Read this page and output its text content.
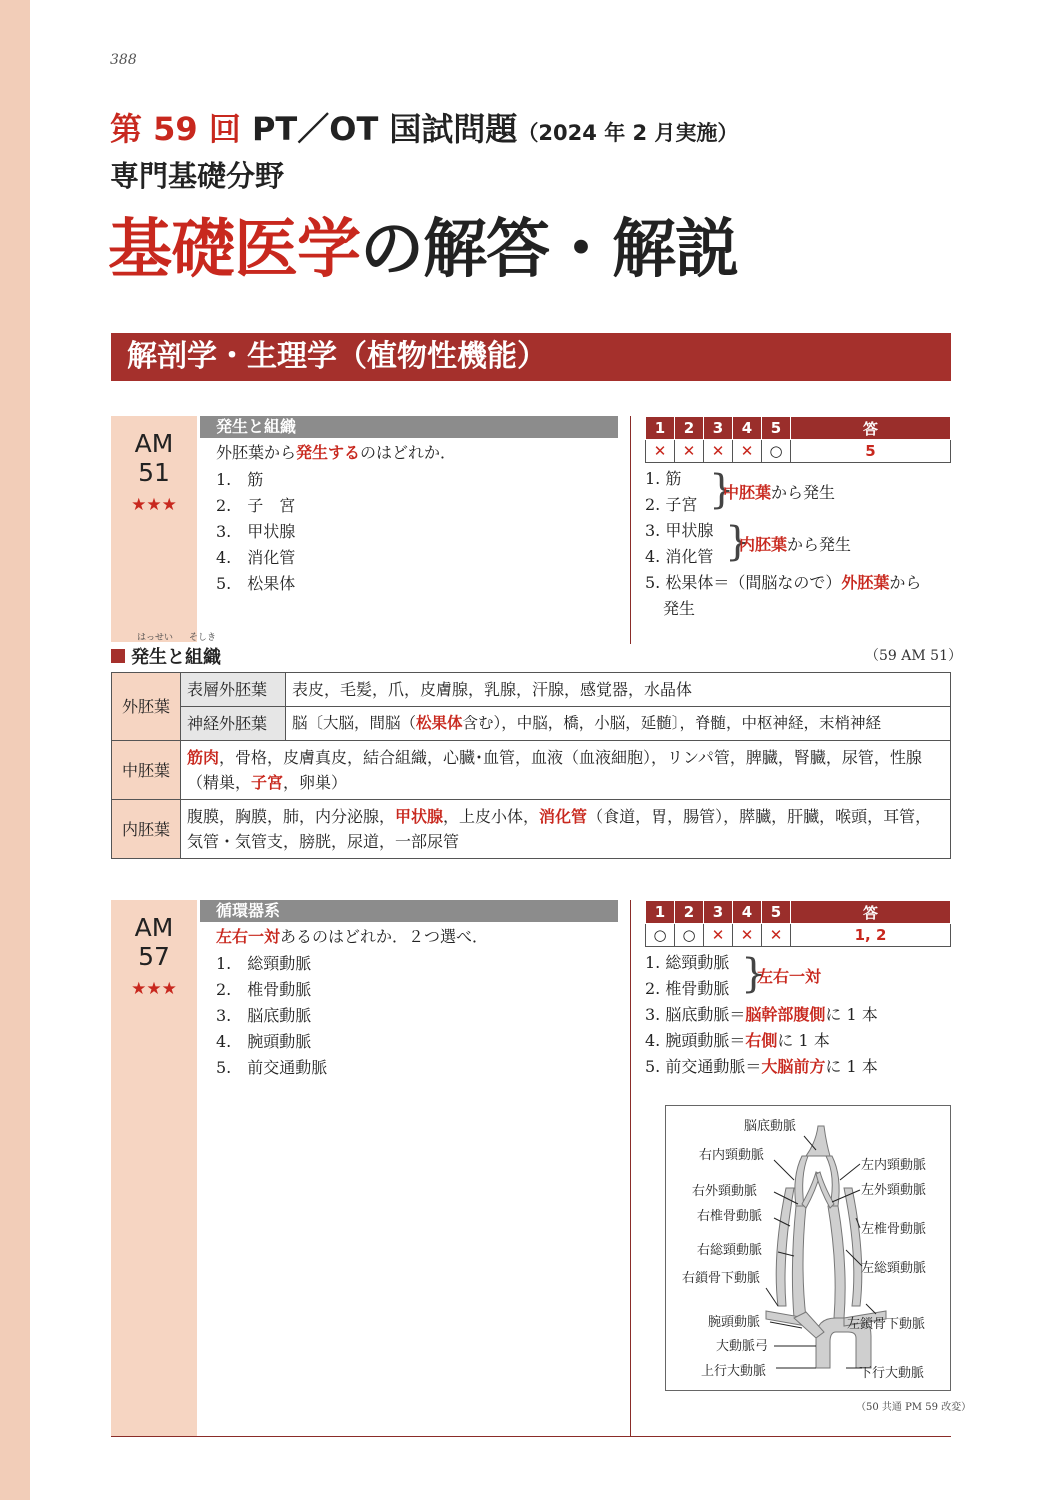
388
第 59 回 PT／OT 国試問題（2024 年 2 月実施）
専門基礎分野
基礎医学の解答・解説
解剖学・生理学（植物性機能）
AM
51
★★★
発生と組織
外胚葉から発生するのはどれか．
1.　筋
2.　子　宮
3.　甲状腺
4.　消化管
5.　松果体
1	2	3	4	5	答
✕	✕	✕	✕	○	5
1. 筋
2. 子宮 }
中胚葉から発生
3. 甲状腺
4. 消化管 }
内胚葉から発生
5. 松果体＝（間脳なので）外胚葉から
発生
はっせい そしき
発生と組織	（59 AM 51）
外胚葉	表層外胚葉	表皮，毛髪，爪，皮膚腺，乳腺，汗腺，感覚器，水晶体
	神経外胚葉	脳〔大脳，間脳（松果体含む），中脳，橋，小脳，延髄〕，脊髄，中枢神経，末梢神経
中胚葉	筋肉，骨格，皮膚真皮，結合組織，心臓･血管，血液（血液細胞），リンパ管，脾臓，腎臓，尿管，性腺（精巣，子宮，卵巣）	
内胚葉	腹膜，胸膜，肺，内分泌腺，甲状腺，上皮小体，消化管（食道，胃，腸管），膵臓，肝臓，喉頭，耳管，気管・気管支，膀胱，尿道，一部尿管	
AM
57
★★★
循環器系
左右一対あるのはどれか．２つ選べ．
1.　総頸動脈
2.　椎骨動脈
3.　脳底動脈
4.　腕頭動脈
5.　前交通動脈
1	2	3	4	5	答
○	○	✕	✕	✕	1, 2
1. 総頸動脈
2. 椎骨動脈 }
左右一対
3. 脳底動脈＝脳幹部腹側に 1 本
4. 腕頭動脈＝右側に 1 本
5. 前交通動脈＝大脳前方に 1 本
脳底動脈
右内頸動脈
左内頸動脈
右外頸動脈	左外頸動脈
右椎骨動脈
左椎骨動脈
右総頸動脈
左総頸動脈
右鎖骨下動脈
左鎖骨下動脈
腕頭動脈
大動脈弓
上行大動脈	下行大動脈
（50 共通 PM 59 改変）
